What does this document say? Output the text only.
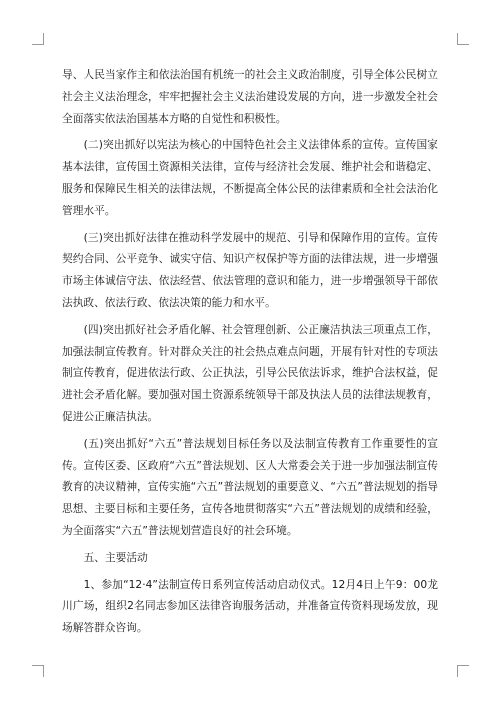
导、人民当家作主和依法治国有机统一的社会主义政治制度，引导全体公民树立社会主义法治理念，牢牢把握社会主义法治建设发展的方向，进一步激发全社会全面落实依法治国基本方略的自觉性和积极性。

(二)突出抓好以宪法为核心的中国特色社会主义法律体系的宣传。宣传国家基本法律，宣传国土资源相关法律，宣传与经济社会发展、维护社会和谐稳定、服务和保障民生相关的法律法规，不断提高全体公民的法律素质和全社会法治化管理水平。

(三)突出抓好法律在推动科学发展中的规范、引导和保障作用的宣传。宣传契约合同、公平竞争、诚实守信、知识产权保护等方面的法律法规，进一步增强市场主体诚信守法、依法经营、依法管理的意识和能力，进一步增强领导干部依法执政、依法行政、依法决策的能力和水平。

(四)突出抓好社会矛盾化解、社会管理创新、公正廉洁执法三项重点工作，加强法制宣传教育。针对群众关注的社会热点难点问题，开展有针对性的专项法制宣传教育，促进依法行政、公正执法，引导公民依法诉求，维护合法权益，促进社会矛盾化解。要加强对国土资源系统领导干部及执法人员的法律法规教育，促进公正廉洁执法。

(五)突出抓好“六五”普法规划目标任务以及法制宣传教育工作重要性的宣传。宣传区委、区政府“六五”普法规划、区人大常委会关于进一步加强法制宣传教育的决议精神，宣传实施“六五”普法规划的重要意义、“六五”普法规划的指导思想、主要目标和主要任务，宣传各地贯彻落实“六五”普法规划的成绩和经验，为全面落实“六五”普法规划营造良好的社会环境。

五、主要活动

1、参加“12·4”法制宣传日系列宣传活动启动仪式。12月4日上午9：00龙川广场，组织2名同志参加区法律咨询服务活动，并准备宣传资料现场发放，现场解答群众咨询。
